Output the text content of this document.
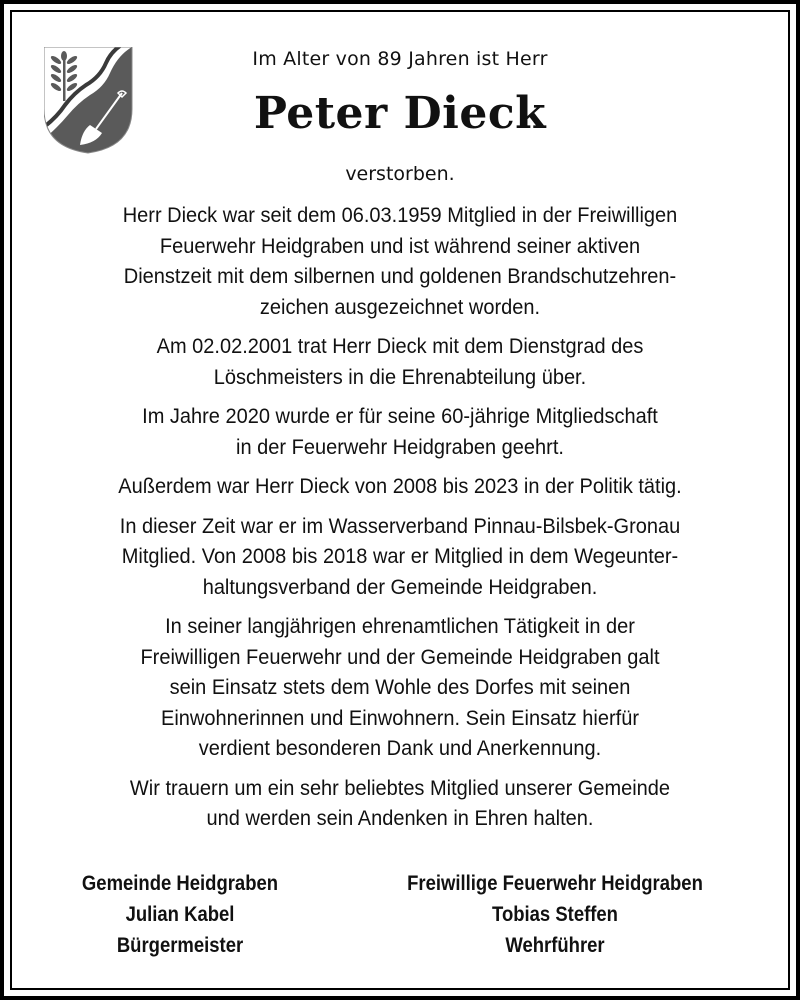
Im Alter von 89 Jahren ist Herr
Peter Dieck
verstorben.

Herr Dieck war seit dem 06.03.1959 Mitglied in der Freiwilligen
Feuerwehr Heidgraben und ist während seiner aktiven
Dienstzeit mit dem silbernen und goldenen Brandschutzehren-
zeichen ausgezeichnet worden.

Am 02.02.2001 trat Herr Dieck mit dem Dienstgrad des
Löschmeisters in die Ehrenabteilung über.

Im Jahre 2020 wurde er für seine 60-jährige Mitgliedschaft
in der Feuerwehr Heidgraben geehrt.

Außerdem war Herr Dieck von 2008 bis 2023 in der Politik tätig.

In dieser Zeit war er im Wasserverband Pinnau-Bilsbek-Gronau
Mitglied. Von 2008 bis 2018 war er Mitglied in dem Wegeunter-
haltungsverband der Gemeinde Heidgraben.

In seiner langjährigen ehrenamtlichen Tätigkeit in der
Freiwilligen Feuerwehr und der Gemeinde Heidgraben galt
sein Einsatz stets dem Wohle des Dorfes mit seinen
Einwohnerinnen und Einwohnern. Sein Einsatz hierfür
verdient besonderen Dank und Anerkennung.

Wir trauern um ein sehr beliebtes Mitglied unserer Gemeinde
und werden sein Andenken in Ehren halten.

Gemeinde Heidgraben
Julian Kabel
Bürgermeister
Freiwillige Feuerwehr Heidgraben
Tobias Steffen
Wehrführer
